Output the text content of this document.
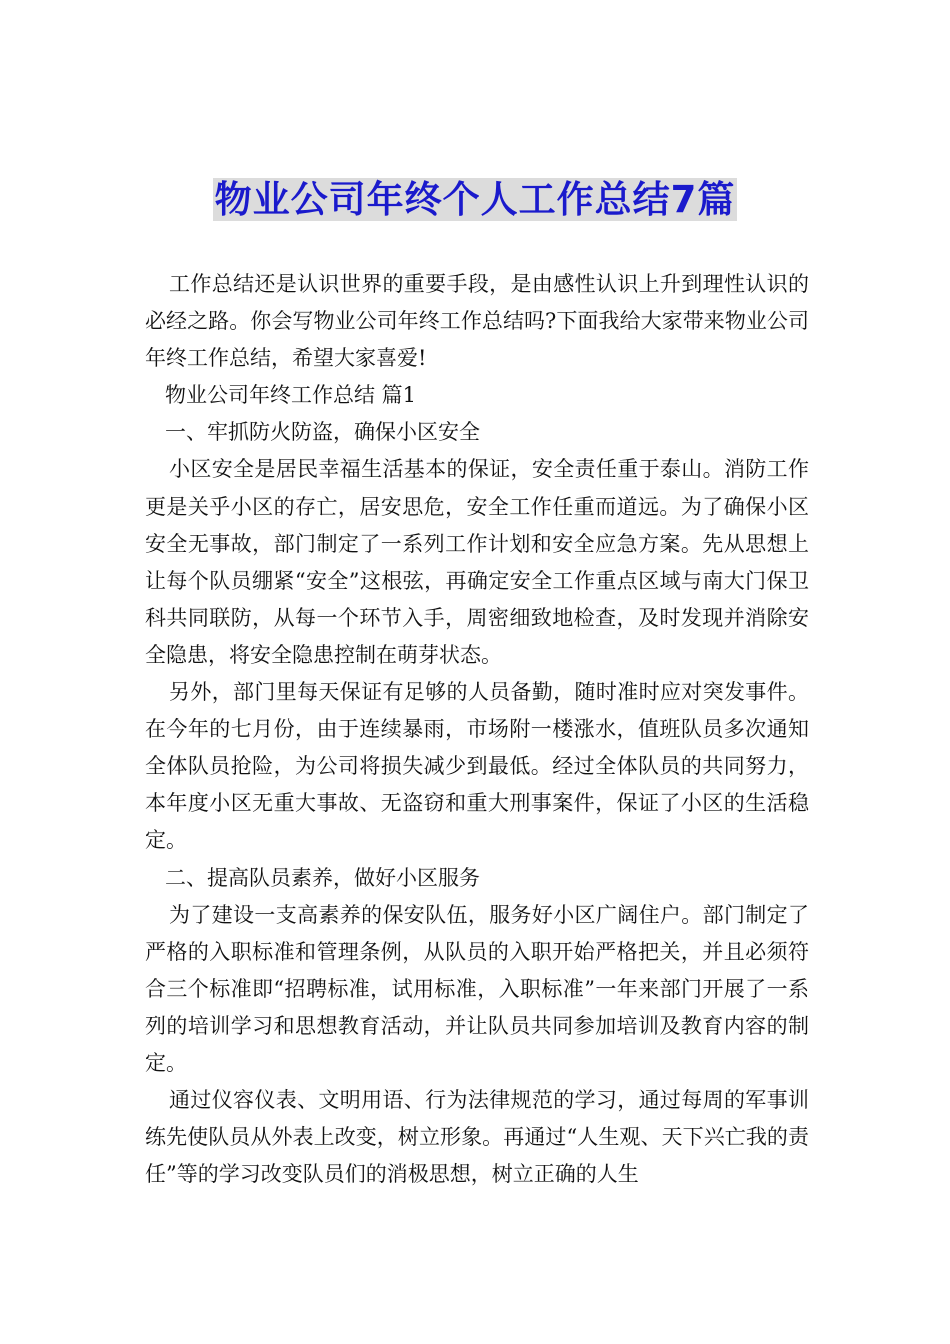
物业公司年终个人工作总结7篇

工作总结还是认识世界的重要手段，是由感性认识上升到理性认识的必经之路。你会写物业公司年终工作总结吗?下面我给大家带来物业公司年终工作总结，希望大家喜爱!

物业公司年终工作总结 篇1

一、牢抓防火防盗，确保小区安全

小区安全是居民幸福生活基本的保证，安全责任重于泰山。消防工作更是关乎小区的存亡，居安思危，安全工作任重而道远。为了确保小区安全无事故，部门制定了一系列工作计划和安全应急方案。先从思想上让每个队员绷紧“安全”这根弦，再确定安全工作重点区域与南大门保卫科共同联防，从每一个环节入手，周密细致地检查，及时发现并消除安全隐患，将安全隐患控制在萌芽状态。

另外，部门里每天保证有足够的人员备勤，随时准时应对突发事件。在今年的七月份，由于连续暴雨，市场附一楼涨水，值班队员多次通知全体队员抢险，为公司将损失减少到最低。经过全体队员的共同努力，本年度小区无重大事故、无盗窃和重大刑事案件，保证了小区的生活稳定。

二、提高队员素养，做好小区服务

为了建设一支高素养的保安队伍，服务好小区广阔住户。部门制定了严格的入职标准和管理条例，从队员的入职开始严格把关，并且必须符合三个标准即“招聘标准，试用标准，入职标准”一年来部门开展了一系列的培训学习和思想教育活动，并让队员共同参加培训及教育内容的制定。

通过仪容仪表、文明用语、行为法律规范的学习，通过每周的军事训练先使队员从外表上改变，树立形象。再通过“人生观、天下兴亡我的责任”等的学习改变队员们的消极思想，树立正确的人生
